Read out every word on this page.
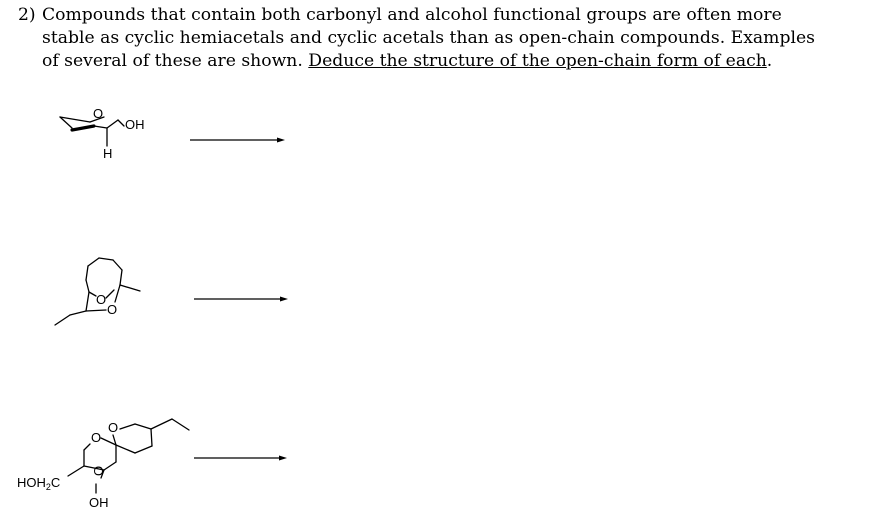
2) Compounds that contain both carbonyl and alcohol functional groups are often more
stable as cyclic hemiacetals and cyclic acetals than as open-chain compounds. Examples
of several of these are shown. Deduce the structure of the open-chain form of each.
O
OH
H
O
O
O
O
O
$HOH_2C$
OH
